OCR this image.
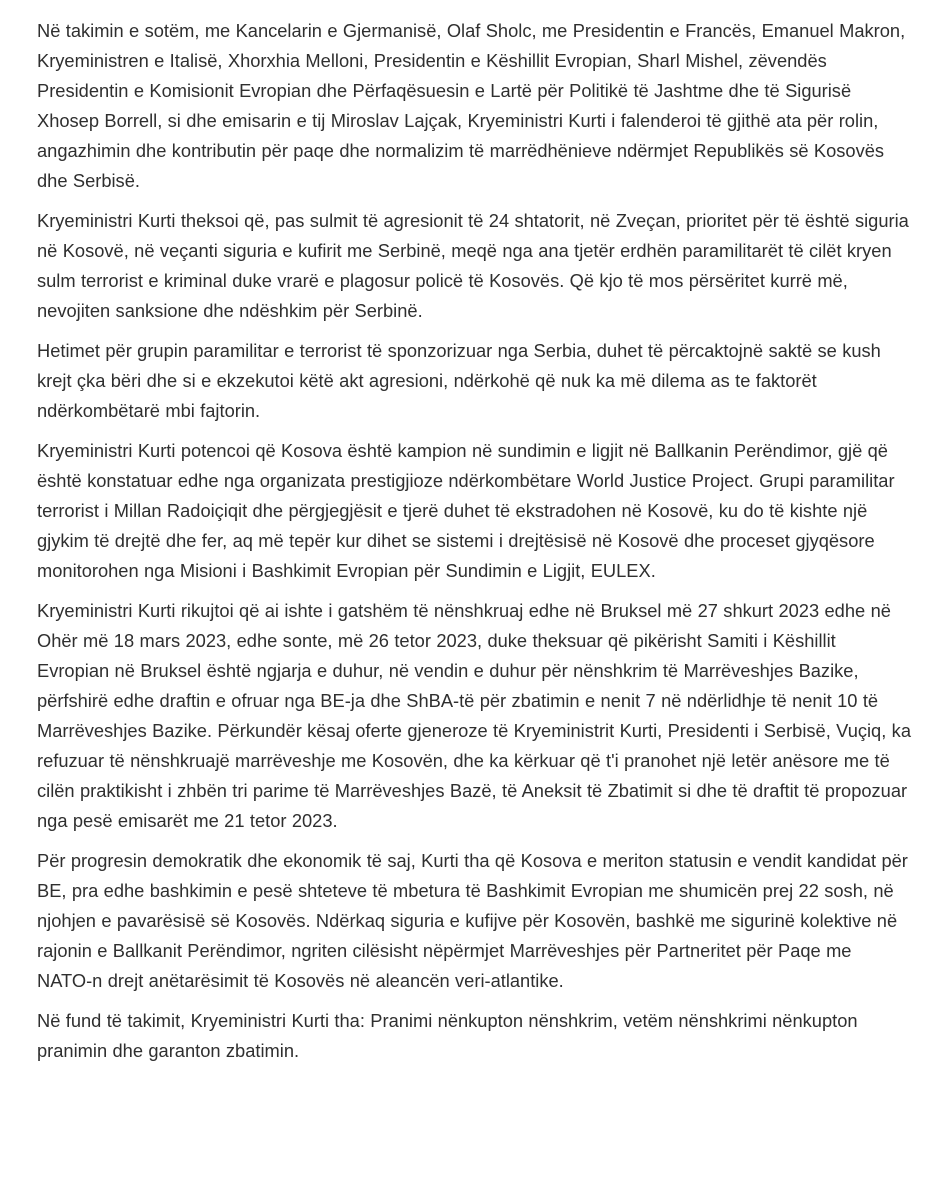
Në takimin e sotëm, me Kancelarin e Gjermanisë, Olaf Sholc, me Presidentin e Francës, Emanuel Makron, Kryeministren e Italisë, Xhorxhia Melloni, Presidentin e Këshillit Evropian, Sharl Mishel, zëvendës Presidentin e Komisionit Evropian dhe Përfaqësuesin e Lartë për Politikë të Jashtme dhe të Sigurisë Xhosep Borrell, si dhe emisarin e tij Miroslav Lajçak, Kryeministri Kurti i falenderoi të gjithë ata për rolin, angazhimin dhe kontributin për paqe dhe normalizim të marrëdhënieve ndërmjet Republikës së Kosovës dhe Serbisë.

Kryeministri Kurti theksoi që, pas sulmit të agresionit të 24 shtatorit, në Zveçan, prioritet për të është siguria në Kosovë, në veçanti siguria e kufirit me Serbinë, meqë nga ana tjetër erdhën paramilitarët të cilët kryen sulm terrorist e kriminal duke vrarë e plagosur policë të Kosovës. Që kjo të mos përsëritet kurrë më, nevojiten sanksione dhe ndëshkim për Serbinë.

Hetimet për grupin paramilitar e terrorist të sponzorizuar nga Serbia, duhet të përcaktojnë saktë se kush krejt çka bëri dhe si e ekzekutoi këtë akt agresioni, ndërkohë që nuk ka më dilema as te faktorët ndërkombëtarë mbi fajtorin.

Kryeministri Kurti potencoi që Kosova është kampion në sundimin e ligjit në Ballkanin Perëndimor, gjë që është konstatuar edhe nga organizata prestigjioze ndërkombëtare World Justice Project. Grupi paramilitar terrorist i Millan Radoiçiqit dhe përgjegjësit e tjerë duhet të ekstradohen në Kosovë, ku do të kishte një gjykim të drejtë dhe fer, aq më tepër kur dihet se sistemi i drejtësisë në Kosovë dhe proceset gjyqësore monitorohen nga Misioni i Bashkimit Evropian për Sundimin e Ligjit, EULEX.

Kryeministri Kurti rikujtoi që ai ishte i gatshëm të nënshkruaj edhe në Bruksel më 27 shkurt 2023 edhe në Ohër më 18 mars 2023, edhe sonte, më 26 tetor 2023, duke theksuar që pikërisht Samiti i Këshillit Evropian në Bruksel është ngjarja e duhur, në vendin e duhur për nënshkrim të Marrëveshjes Bazike, përfshirë edhe draftin e ofruar nga BE-ja dhe ShBA-të për zbatimin e nenit 7 në ndërlidhje të nenit 10 të Marrëveshjes Bazike. Përkundër kësaj oferte gjeneroze të Kryeministrit Kurti, Presidenti i Serbisë, Vuçiq, ka refuzuar të nënshkruajë marrëveshje me Kosovën, dhe ka kërkuar që t'i pranohet një letër anësore me të cilën praktikisht i zhbën tri parime të Marrëveshjes Bazë, të Aneksit të Zbatimit si dhe të draftit të propozuar nga pesë emisarët me 21 tetor 2023.

Për progresin demokratik dhe ekonomik të saj, Kurti tha që Kosova e meriton statusin e vendit kandidat për BE, pra edhe bashkimin e pesë shteteve të mbetura të Bashkimit Evropian me shumicën prej 22 sosh, në njohjen e pavarësisë së Kosovës. Ndërkaq siguria e kufijve për Kosovën, bashkë me sigurinë kolektive në rajonin e Ballkanit Perëndimor, ngriten cilësisht nëpërmjet Marrëveshjes për Partneritet për Paqe me NATO-n drejt anëtarësimit të Kosovës në aleancën veri-atlantike.

Në fund të takimit, Kryeministri Kurti tha: Pranimi nënkupton nënshkrim, vetëm nënshkrimi nënkupton pranimin dhe garanton zbatimin.
